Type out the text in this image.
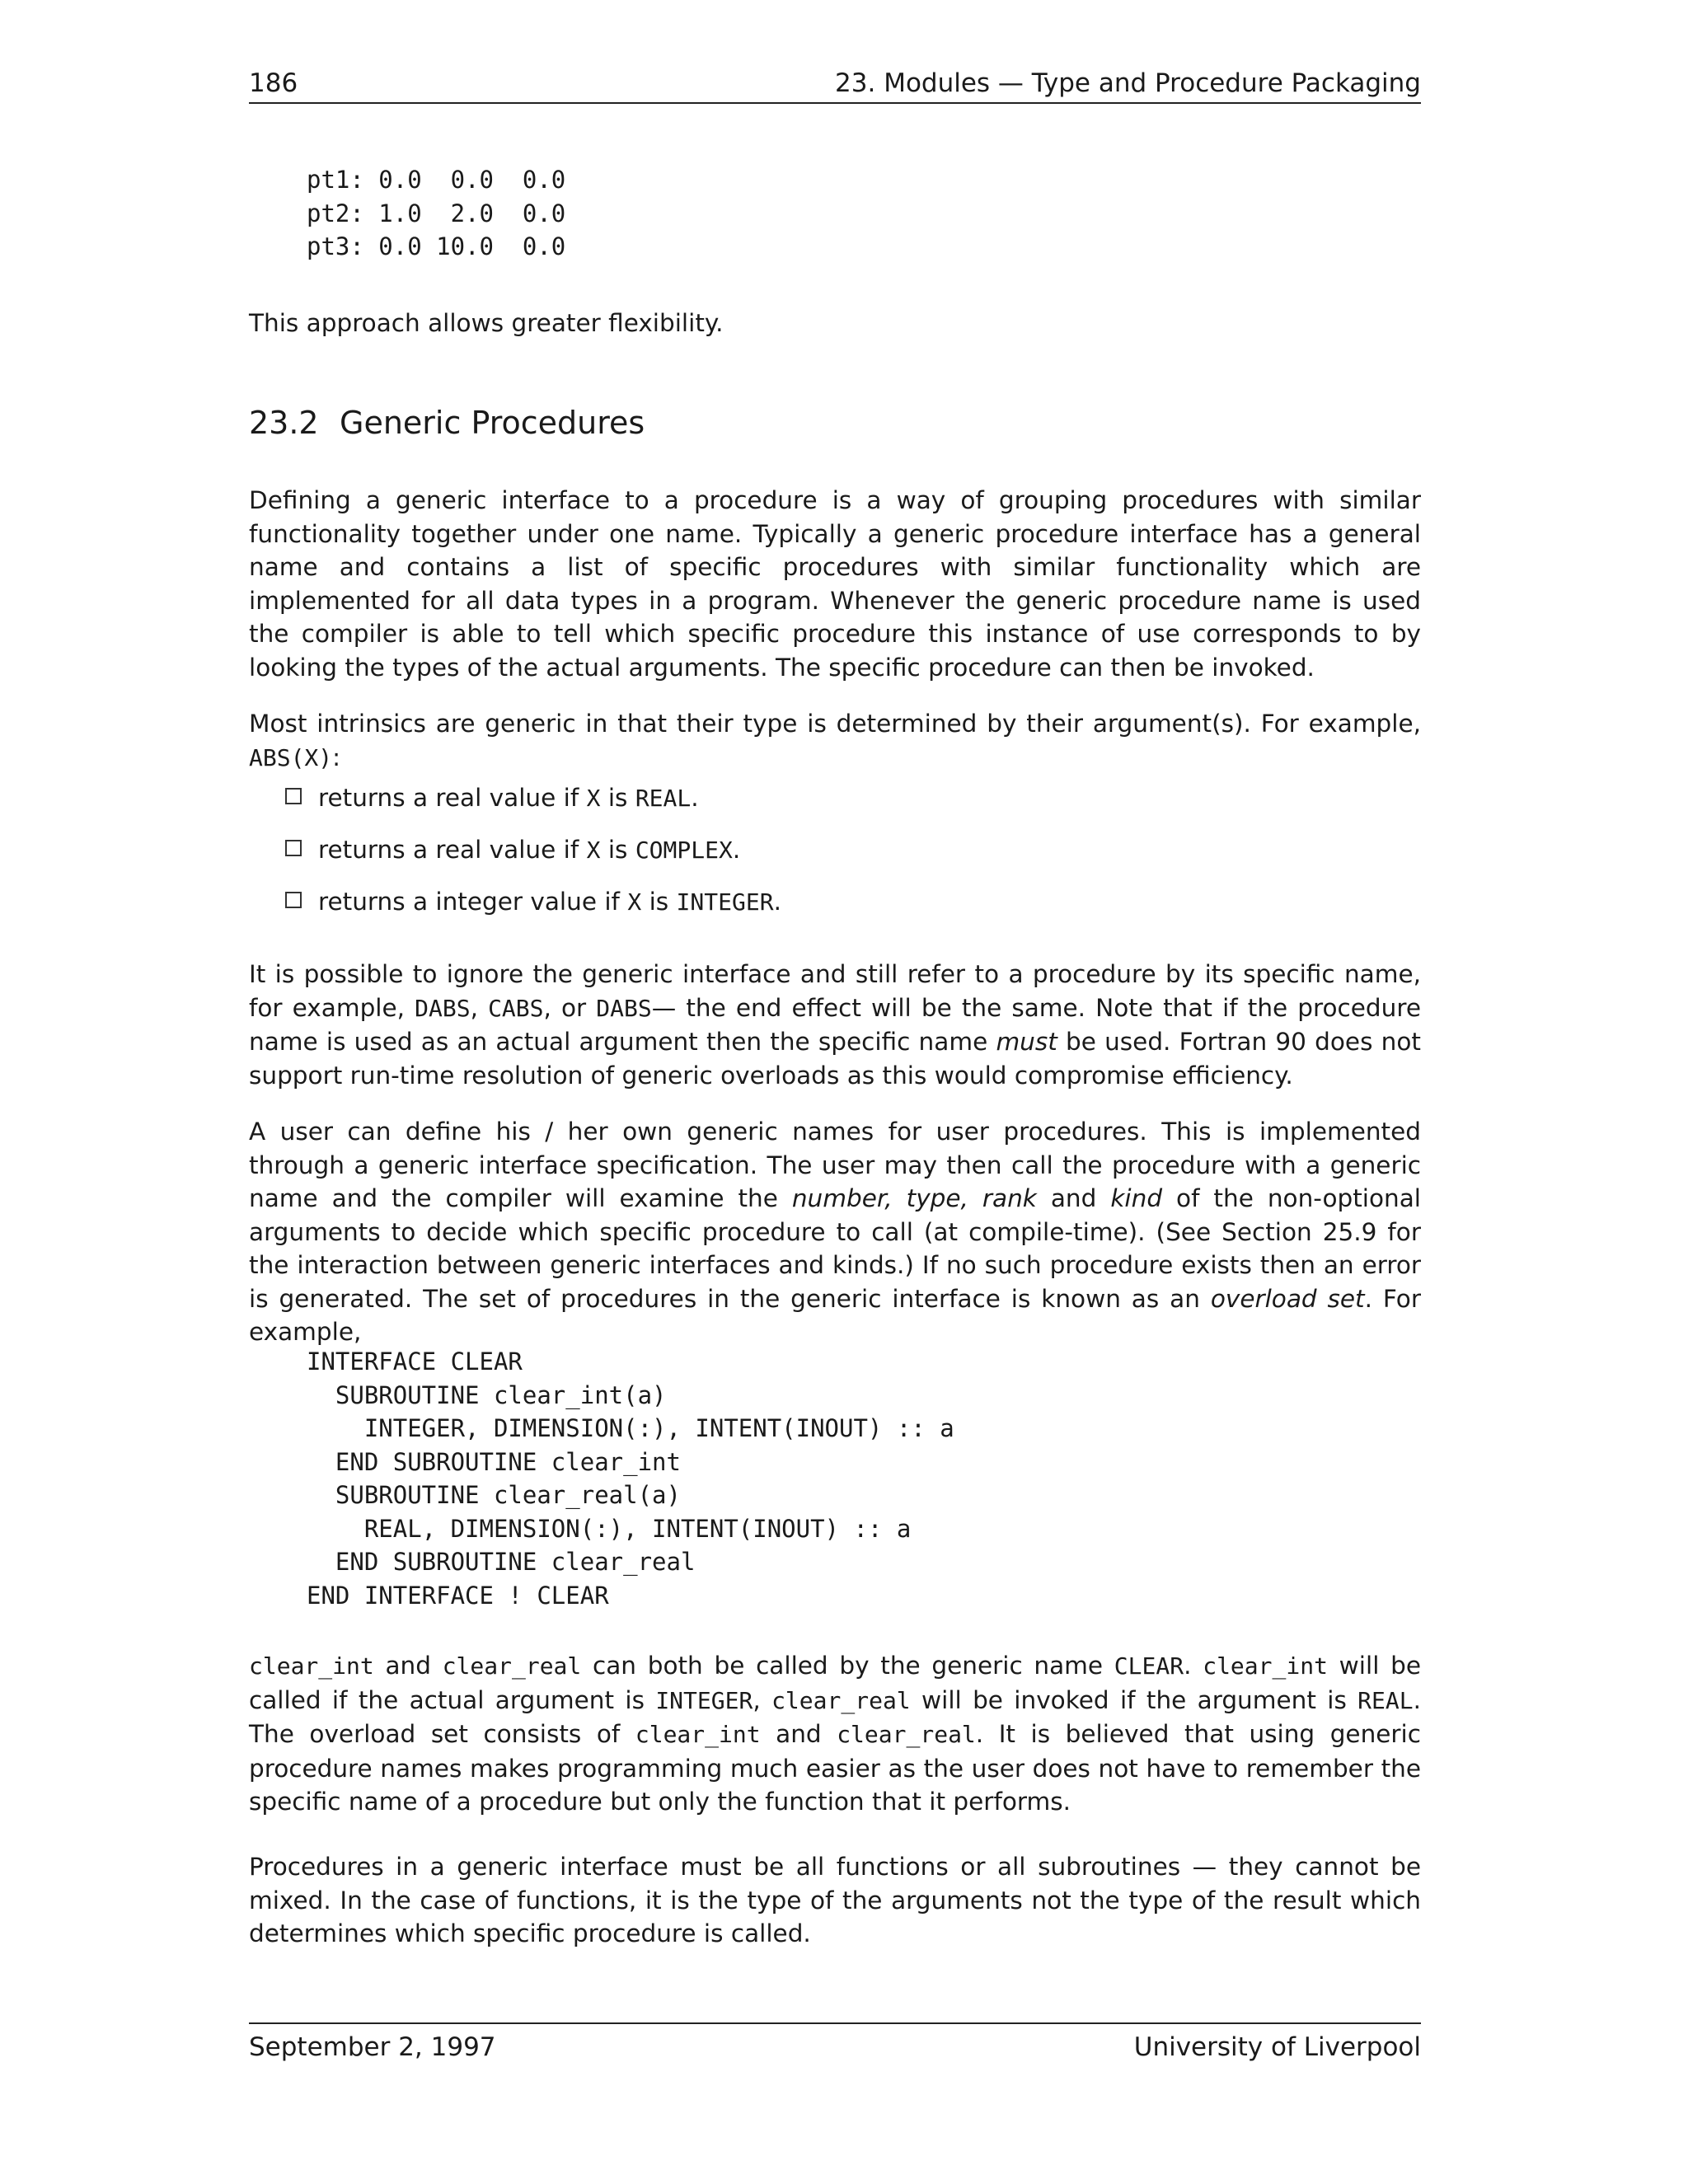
186	23. Modules — Type and Procedure Packaging
pt1: 0.0  0.0  0.0
pt2: 1.0  2.0  0.0
pt3: 0.0 10.0  0.0

This approach allows greater flexibility.

23.2 Generic Procedures

Defining a generic interface to a procedure is a way of grouping procedures with similar functionality together under one name. Typically a generic procedure interface has a general name and contains a list of specific procedures with similar functionality which are implemented for all data types in a program. Whenever the generic procedure name is used the compiler is able to tell which specific procedure this instance of use corresponds to by looking the types of the actual arguments. The specific procedure can then be invoked.

Most intrinsics are generic in that their type is determined by their argument(s). For example, ABS(X):

returns a real value if X is REAL.
returns a real value if X is COMPLEX.
returns a integer value if X is INTEGER.

It is possible to ignore the generic interface and still refer to a procedure by its specific name, for example, DABS, CABS, or DABS— the end effect will be the same. Note that if the procedure name is used as an actual argument then the specific name must be used. Fortran 90 does not support run-time resolution of generic overloads as this would compromise efficiency.

A user can define his / her own generic names for user procedures. This is implemented through a generic interface specification. The user may then call the procedure with a generic name and the compiler will examine the number, type, rank and kind of the non-optional arguments to decide which specific procedure to call (at compile-time). (See Section 25.9 for the interaction between generic interfaces and kinds.) If no such procedure exists then an error is generated. The set of procedures in the generic interface is known as an overload set. For example,

INTERFACE CLEAR
SUBROUTINE clear_int(a)
INTEGER, DIMENSION(:), INTENT(INOUT) :: a
END SUBROUTINE clear_int
SUBROUTINE clear_real(a)
REAL, DIMENSION(:), INTENT(INOUT) :: a
END SUBROUTINE clear_real
END INTERFACE ! CLEAR

clear_int and clear_real can both be called by the generic name CLEAR. clear_int will be called if the actual argument is INTEGER, clear_real will be invoked if the argument is REAL. The overload set consists of clear_int and clear_real. It is believed that using generic procedure names makes programming much easier as the user does not have to remember the specific name of a procedure but only the function that it performs.

Procedures in a generic interface must be all functions or all subroutines — they cannot be mixed. In the case of functions, it is the type of the arguments not the type of the result which determines which specific procedure is called.

September 2, 1997	University of Liverpool
